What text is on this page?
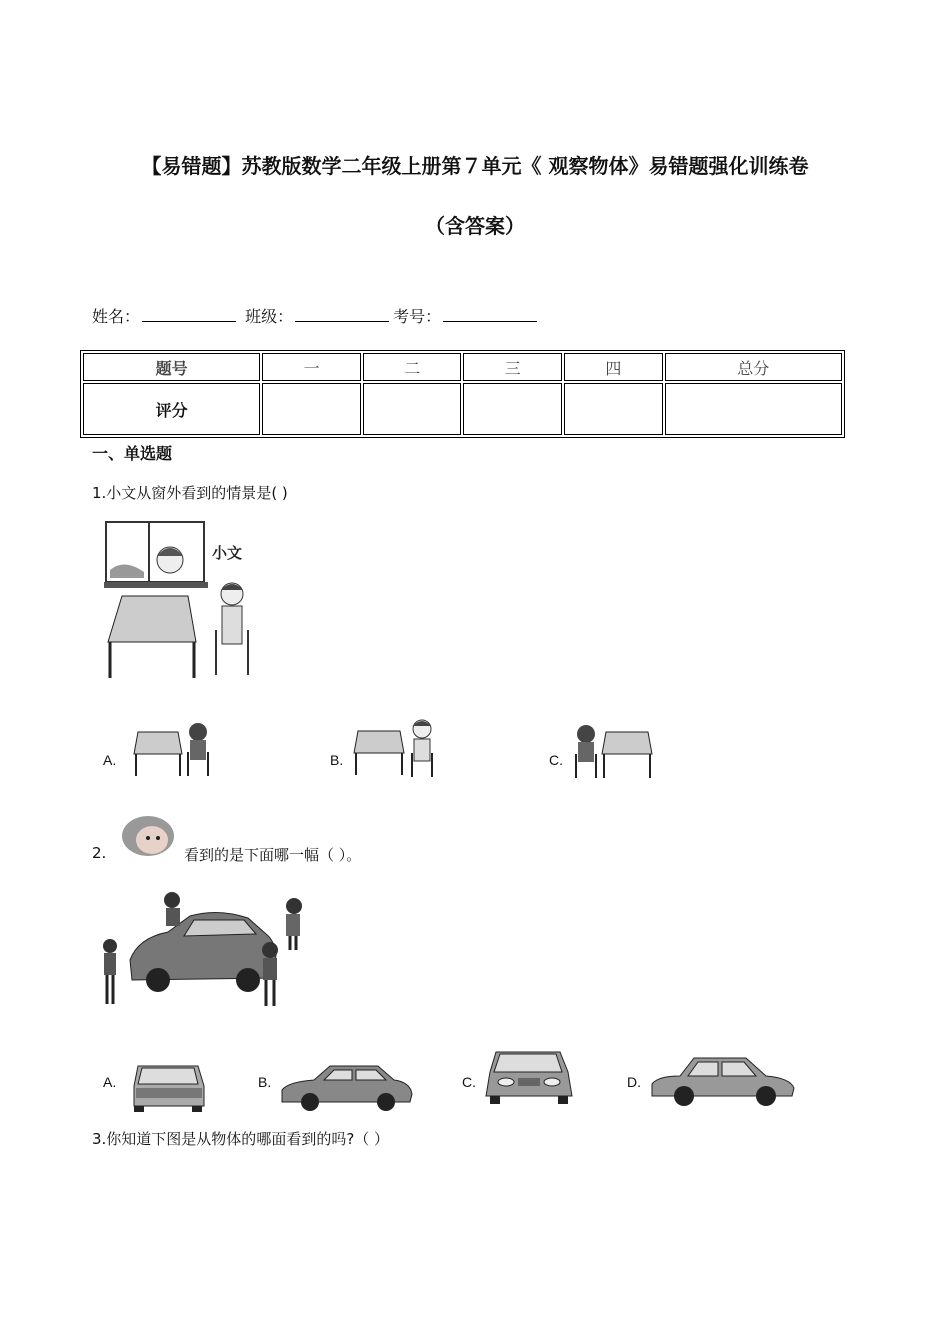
【易错题】苏教版数学二年级上册第７单元《 观察物体》易错题强化训练卷
（含答案）
姓名：	班级：	考号：
题号	一	二	三	四	总分
评分					
一、单选题
1.小文从窗外看到的情景是( )
小文
A.	B.	C.
2.	看到的是下面哪一幅（ ）。
A.	B.	C.	D.
3.你知道下图是从物体的哪面看到的吗?（ ）
